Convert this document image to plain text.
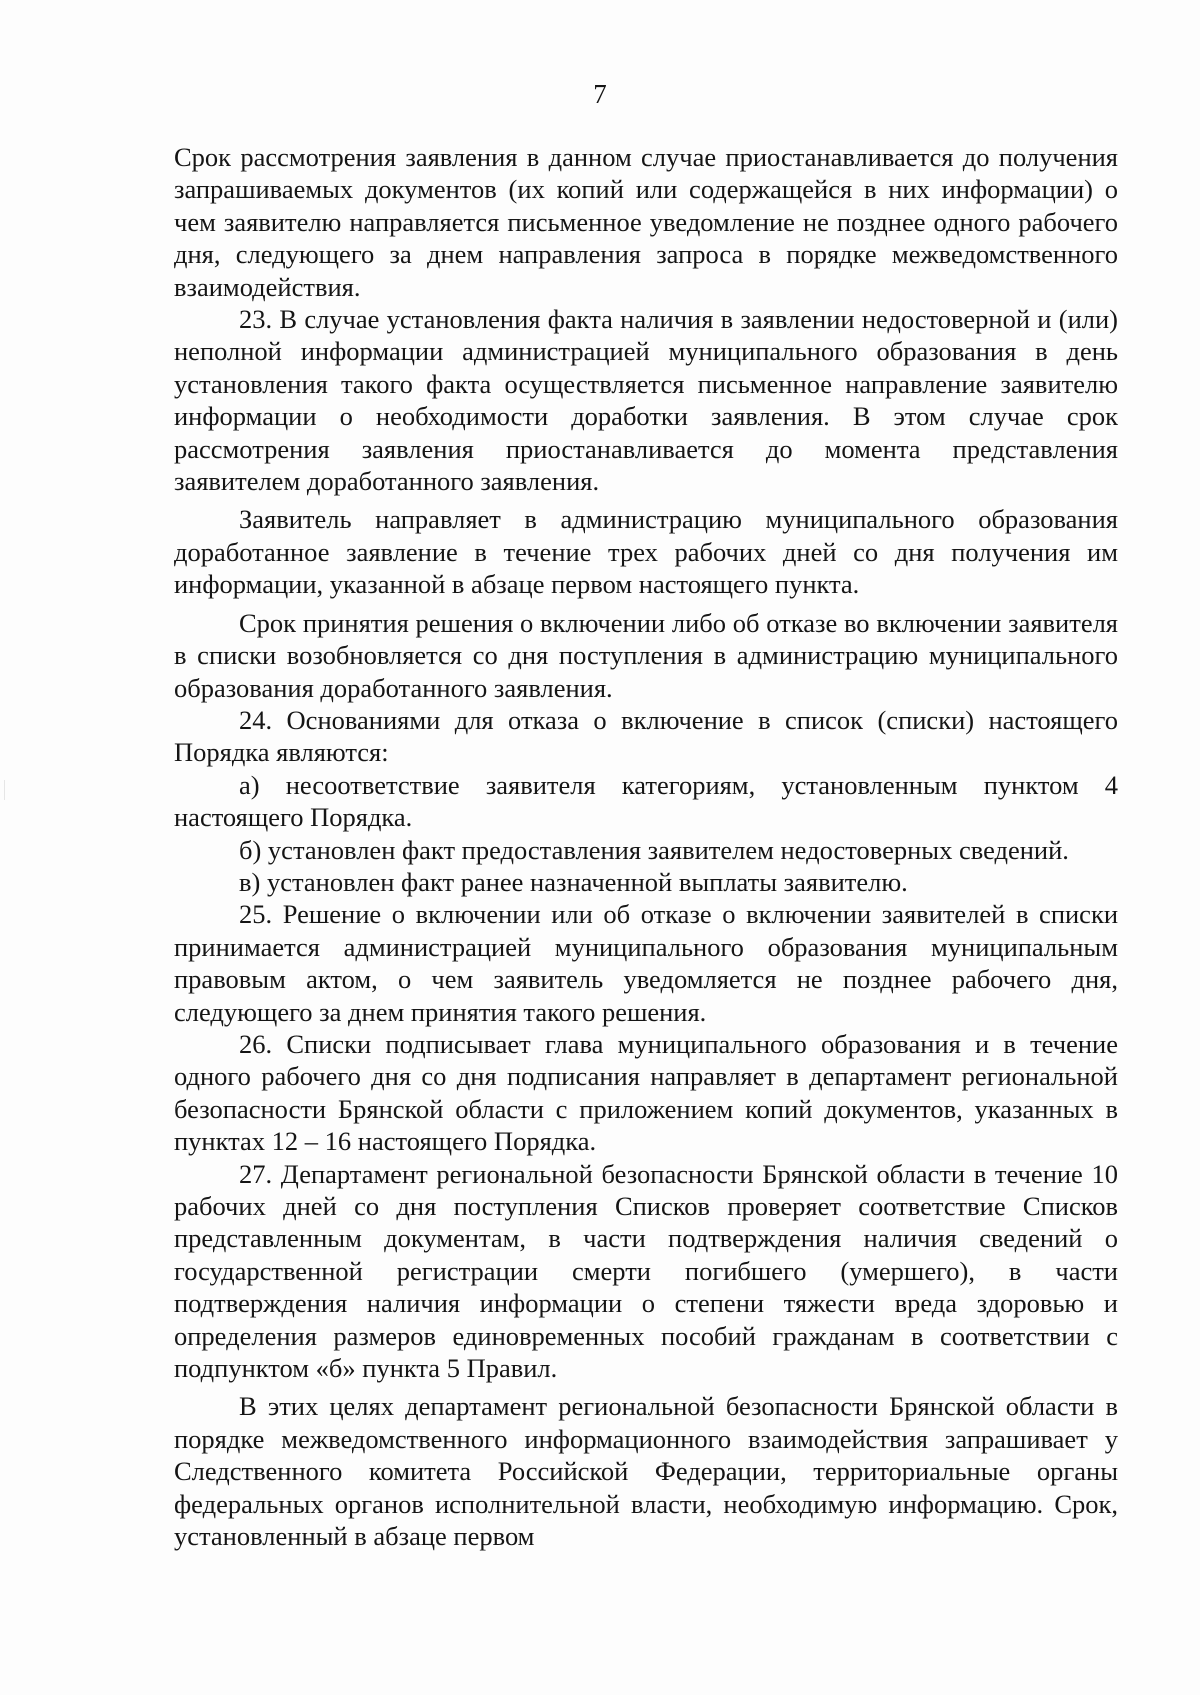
7

Срок рассмотрения заявления в данном случае приостанавливается до получения запрашиваемых документов (их копий или содержащейся в них информации) о чем заявителю направляется письменное уведомление не позднее одного рабочего дня, следующего за днем направления запроса в порядке межведомственного взаимодействия.

23. В случае установления факта наличия в заявлении недостоверной и (или) неполной информации администрацией муниципального образования в день установления такого факта осуществляется письменное направление заявителю информации о необходимости доработки заявления. В этом случае срок рассмотрения заявления приостанавливается до момента представления заявителем доработанного заявления.

Заявитель направляет в администрацию муниципального образования доработанное заявление в течение трех рабочих дней со дня получения им информации, указанной в абзаце первом настоящего пункта.

Срок принятия решения о включении либо об отказе во включении заявителя в списки возобновляется со дня поступления в администрацию муниципального образования доработанного заявления.

24. Основаниями для отказа о включение в список (списки) настоящего Порядка являются:

а) несоответствие заявителя категориям, установленным пунктом 4 настоящего Порядка.

б) установлен факт предоставления заявителем недостоверных сведений.

в) установлен факт ранее назначенной выплаты заявителю.

25. Решение о включении или об отказе о включении заявителей в списки принимается администрацией муниципального образования муниципальным правовым актом, о чем заявитель уведомляется не позднее рабочего дня, следующего за днем принятия такого решения.

26. Списки подписывает глава муниципального образования и в течение одного рабочего дня со дня подписания направляет в департамент региональной безопасности Брянской области с приложением копий документов, указанных в пунктах 12 – 16 настоящего Порядка.

27. Департамент региональной безопасности Брянской области в течение 10 рабочих дней со дня поступления Списков проверяет соответствие Списков представленным документам, в части подтверждения наличия сведений о государственной регистрации смерти погибшего (умершего), в части подтверждения наличия информации о степени тяжести вреда здоровью и определения размеров единовременных пособий гражданам в соответствии с подпунктом «б» пункта 5 Правил.

В этих целях департамент региональной безопасности Брянской области в порядке межведомственного информационного взаимодействия запрашивает у Следственного комитета Российской Федерации, территориальные органы федеральных органов исполнительной власти, необходимую информацию. Срок, установленный в абзаце первом
